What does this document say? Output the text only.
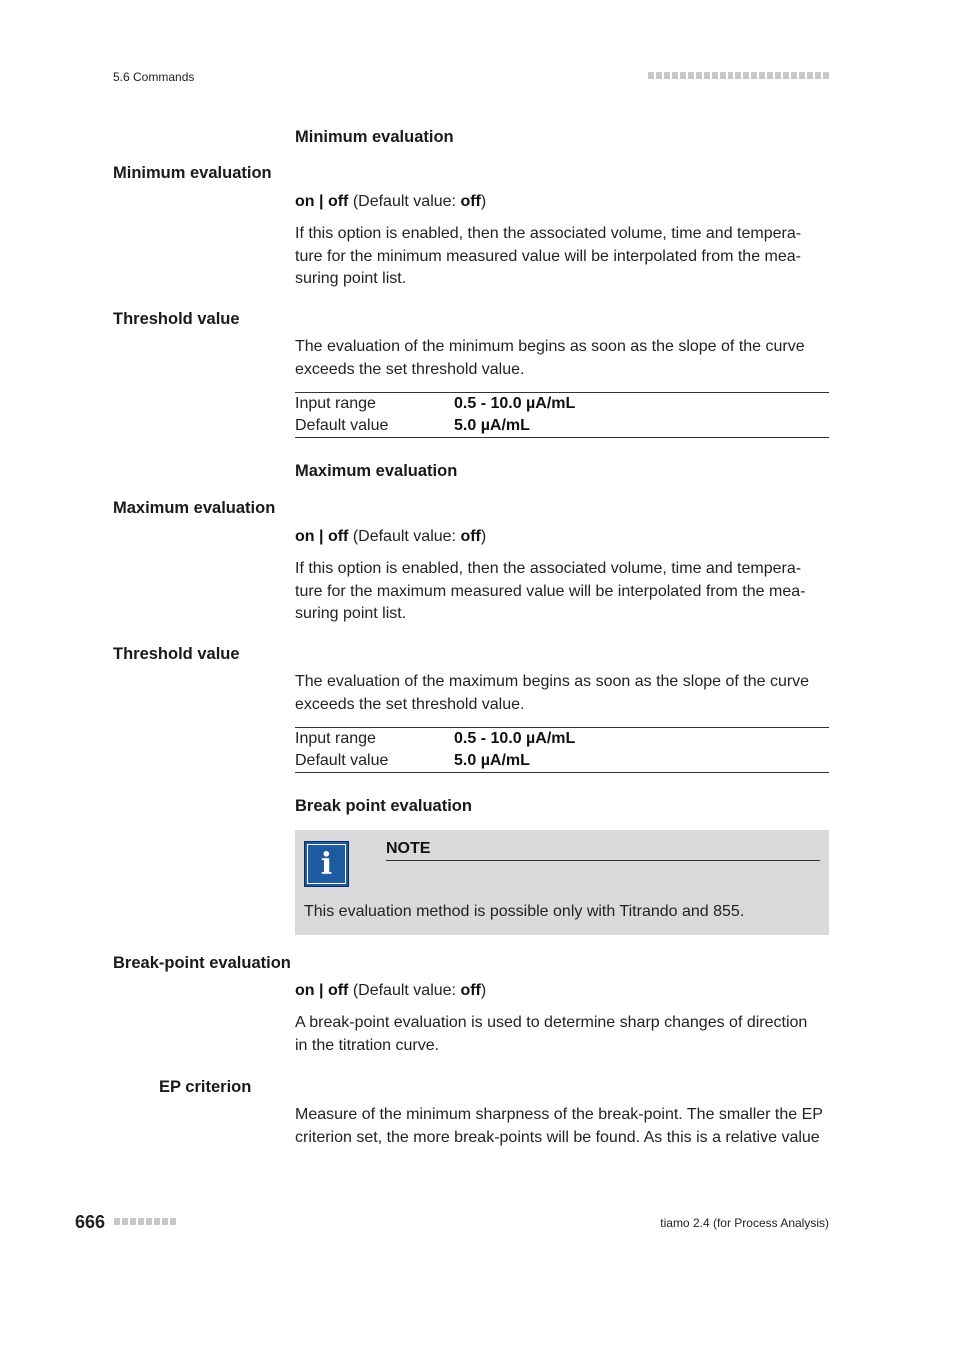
5.6 Commands
Minimum evaluation
Minimum evaluation
on | off (Default value: off)
If this option is enabled, then the associated volume, time and tempera-
ture for the minimum measured value will be interpolated from the mea-
suring point list.
Threshold value
The evaluation of the minimum begins as soon as the slope of the curve
exceeds the set threshold value.
Input range	0.5 - 10.0 µA/mL
Default value	5.0 µA/mL
Maximum evaluation
Maximum evaluation
on | off (Default value: off)
If this option is enabled, then the associated volume, time and tempera-
ture for the maximum measured value will be interpolated from the mea-
suring point list.
Threshold value
The evaluation of the maximum begins as soon as the slope of the curve
exceeds the set threshold value.
Input range	0.5 - 10.0 µA/mL
Default value	5.0 µA/mL
Break point evaluation
i	NOTE
This evaluation method is possible only with Titrando and 855.
Break-point evaluation
on | off (Default value: off)
A break-point evaluation is used to determine sharp changes of direction
in the titration curve.
EP criterion
Measure of the minimum sharpness of the break-point. The smaller the EP
criterion set, the more break-points will be found. As this is a relative value
666	tiamo 2.4 (for Process Analysis)
